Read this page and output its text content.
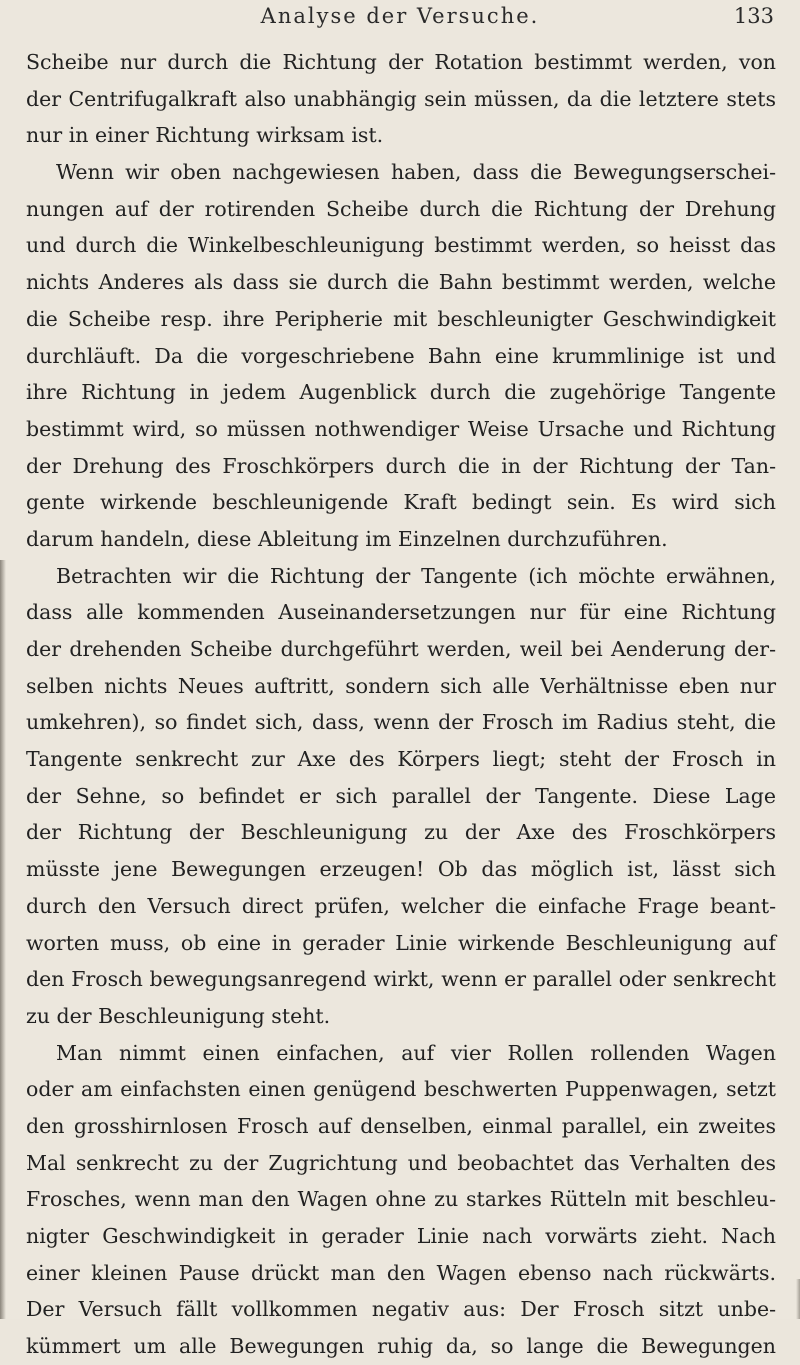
Analyse der Versuche.	133
Scheibe nur durch die Richtung der Rotation bestimmt werden, von
der Centrifugalkraft also unabhängig sein müssen, da die letztere stets
nur in einer Richtung wirksam ist.
Wenn wir oben nachgewiesen haben, dass die Bewegungserschei-
nungen auf der rotirenden Scheibe durch die Richtung der Drehung
und durch die Winkelbeschleunigung bestimmt werden, so heisst das
nichts Anderes als dass sie durch die Bahn bestimmt werden, welche
die Scheibe resp. ihre Peripherie mit beschleunigter Geschwindigkeit
durchläuft. Da die vorgeschriebene Bahn eine krummlinige ist und
ihre Richtung in jedem Augenblick durch die zugehörige Tangente
bestimmt wird, so müssen nothwendiger Weise Ursache und Richtung
der Drehung des Froschkörpers durch die in der Richtung der Tan-
gente wirkende beschleunigende Kraft bedingt sein. Es wird sich
darum handeln, diese Ableitung im Einzelnen durchzuführen.
Betrachten wir die Richtung der Tangente (ich möchte erwähnen,
dass alle kommenden Auseinandersetzungen nur für eine Richtung
der drehenden Scheibe durchgeführt werden, weil bei Aenderung der-
selben nichts Neues auftritt, sondern sich alle Verhältnisse eben nur
umkehren), so findet sich, dass, wenn der Frosch im Radius steht, die
Tangente senkrecht zur Axe des Körpers liegt; steht der Frosch in
der Sehne, so befindet er sich parallel der Tangente. Diese Lage
der Richtung der Beschleunigung zu der Axe des Froschkörpers
müsste jene Bewegungen erzeugen! Ob das möglich ist, lässt sich
durch den Versuch direct prüfen, welcher die einfache Frage beant-
worten muss, ob eine in gerader Linie wirkende Beschleunigung auf
den Frosch bewegungsanregend wirkt, wenn er parallel oder senkrecht
zu der Beschleunigung steht.
Man nimmt einen einfachen, auf vier Rollen rollenden Wagen
oder am einfachsten einen genügend beschwerten Puppenwagen, setzt
den grosshirnlosen Frosch auf denselben, einmal parallel, ein zweites
Mal senkrecht zu der Zugrichtung und beobachtet das Verhalten des
Frosches, wenn man den Wagen ohne zu starkes Rütteln mit beschleu-
nigter Geschwindigkeit in gerader Linie nach vorwärts zieht. Nach
einer kleinen Pause drückt man den Wagen ebenso nach rückwärts.
Der Versuch fällt vollkommen negativ aus: Der Frosch sitzt unbe-
kümmert um alle Bewegungen ruhig da, so lange die Bewegungen
